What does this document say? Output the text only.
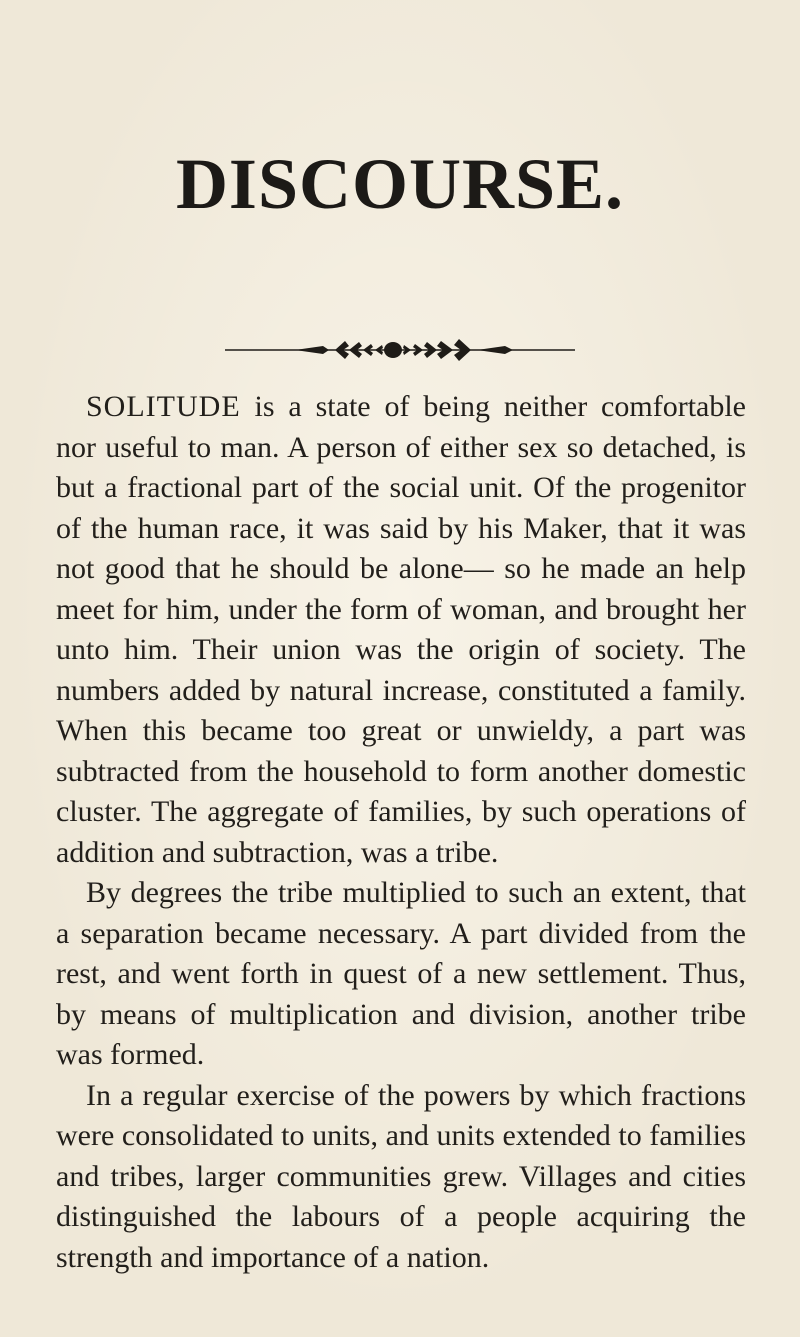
DISCOURSE.

SOLITUDE is a state of being neither comfortable nor useful to man. A person of either sex so detached, is but a fractional part of the social unit. Of the progenitor of the human race, it was said by his Maker, that it was not good that he should be alone— so he made an help meet for him, under the form of woman, and brought her unto him. Their union was the origin of society. The numbers added by natural increase, constituted a family. When this became too great or unwieldy, a part was subtracted from the household to form another domestic cluster. The aggregate of families, by such operations of addition and subtraction, was a tribe.

By degrees the tribe multiplied to such an extent, that a separation became necessary. A part divided from the rest, and went forth in quest of a new settlement. Thus, by means of multiplication and division, another tribe was formed.

In a regular exercise of the powers by which fractions were consolidated to units, and units extended to families and tribes, larger communities grew. Villages and cities distinguished the labours of a people acquiring the strength and importance of a nation.
